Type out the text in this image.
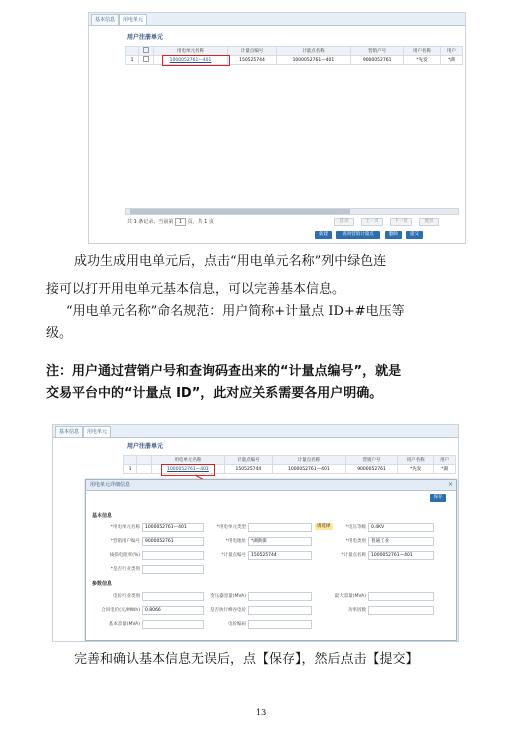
基本信息	用电单元
用户注册单元
		用电单元名称	计量点编号	计量点名称	营销户号	用户名称	用户
1		1000052761—401	150525744	1000052761—401	9000052761	*先发	*湖
共 1 条记录，当前第 1 页，共 1 页	首页	上一页	下一页	尾页
新建	查询营销计量点	删除	提交
成功生成用电单元后，点击“用电单元名称”列中绿色连
接可以打开用电单元基本信息，可以完善基本信息。
“用电单元名称”命名规范：用户简称+计量点 ID+#电压等
级。
注：用户通过营销户号和查询码查出来的“计量点编号”，就是
交易平台中的“计量点 ID”，此对应关系需要各用户明确。
基本信息	用电单元
用户注册单元
		用电单元名称	计量点编号	计量点名称	营销户号	用户名称	用户
1		1000052761—401	150525744	1000052761—401	9000052761	*先发	*湖
用电单元详细信息	×
保存
基本信息
*用电单元名称	1000052761—401	*用电单元类型	请选择	*电压等级	0.4KV
*营销用户编号	9000052761	*用电地址	*湖新街	*用电类别	普通工业
线损电阻率(%)	*计量点编号	150525744	*计量点名称	1000052761—401
*是否行业类别
参数信息
电价行业类别	变压器容量(MVA)	最大需量(MVA)
合同电价(元/MWh)	0.8066	是否执行峰谷电价	功率因数
基本容量(MVA)	电价编码
完善和确认基本信息无误后，点【保存】，然后点击【提交】
13
